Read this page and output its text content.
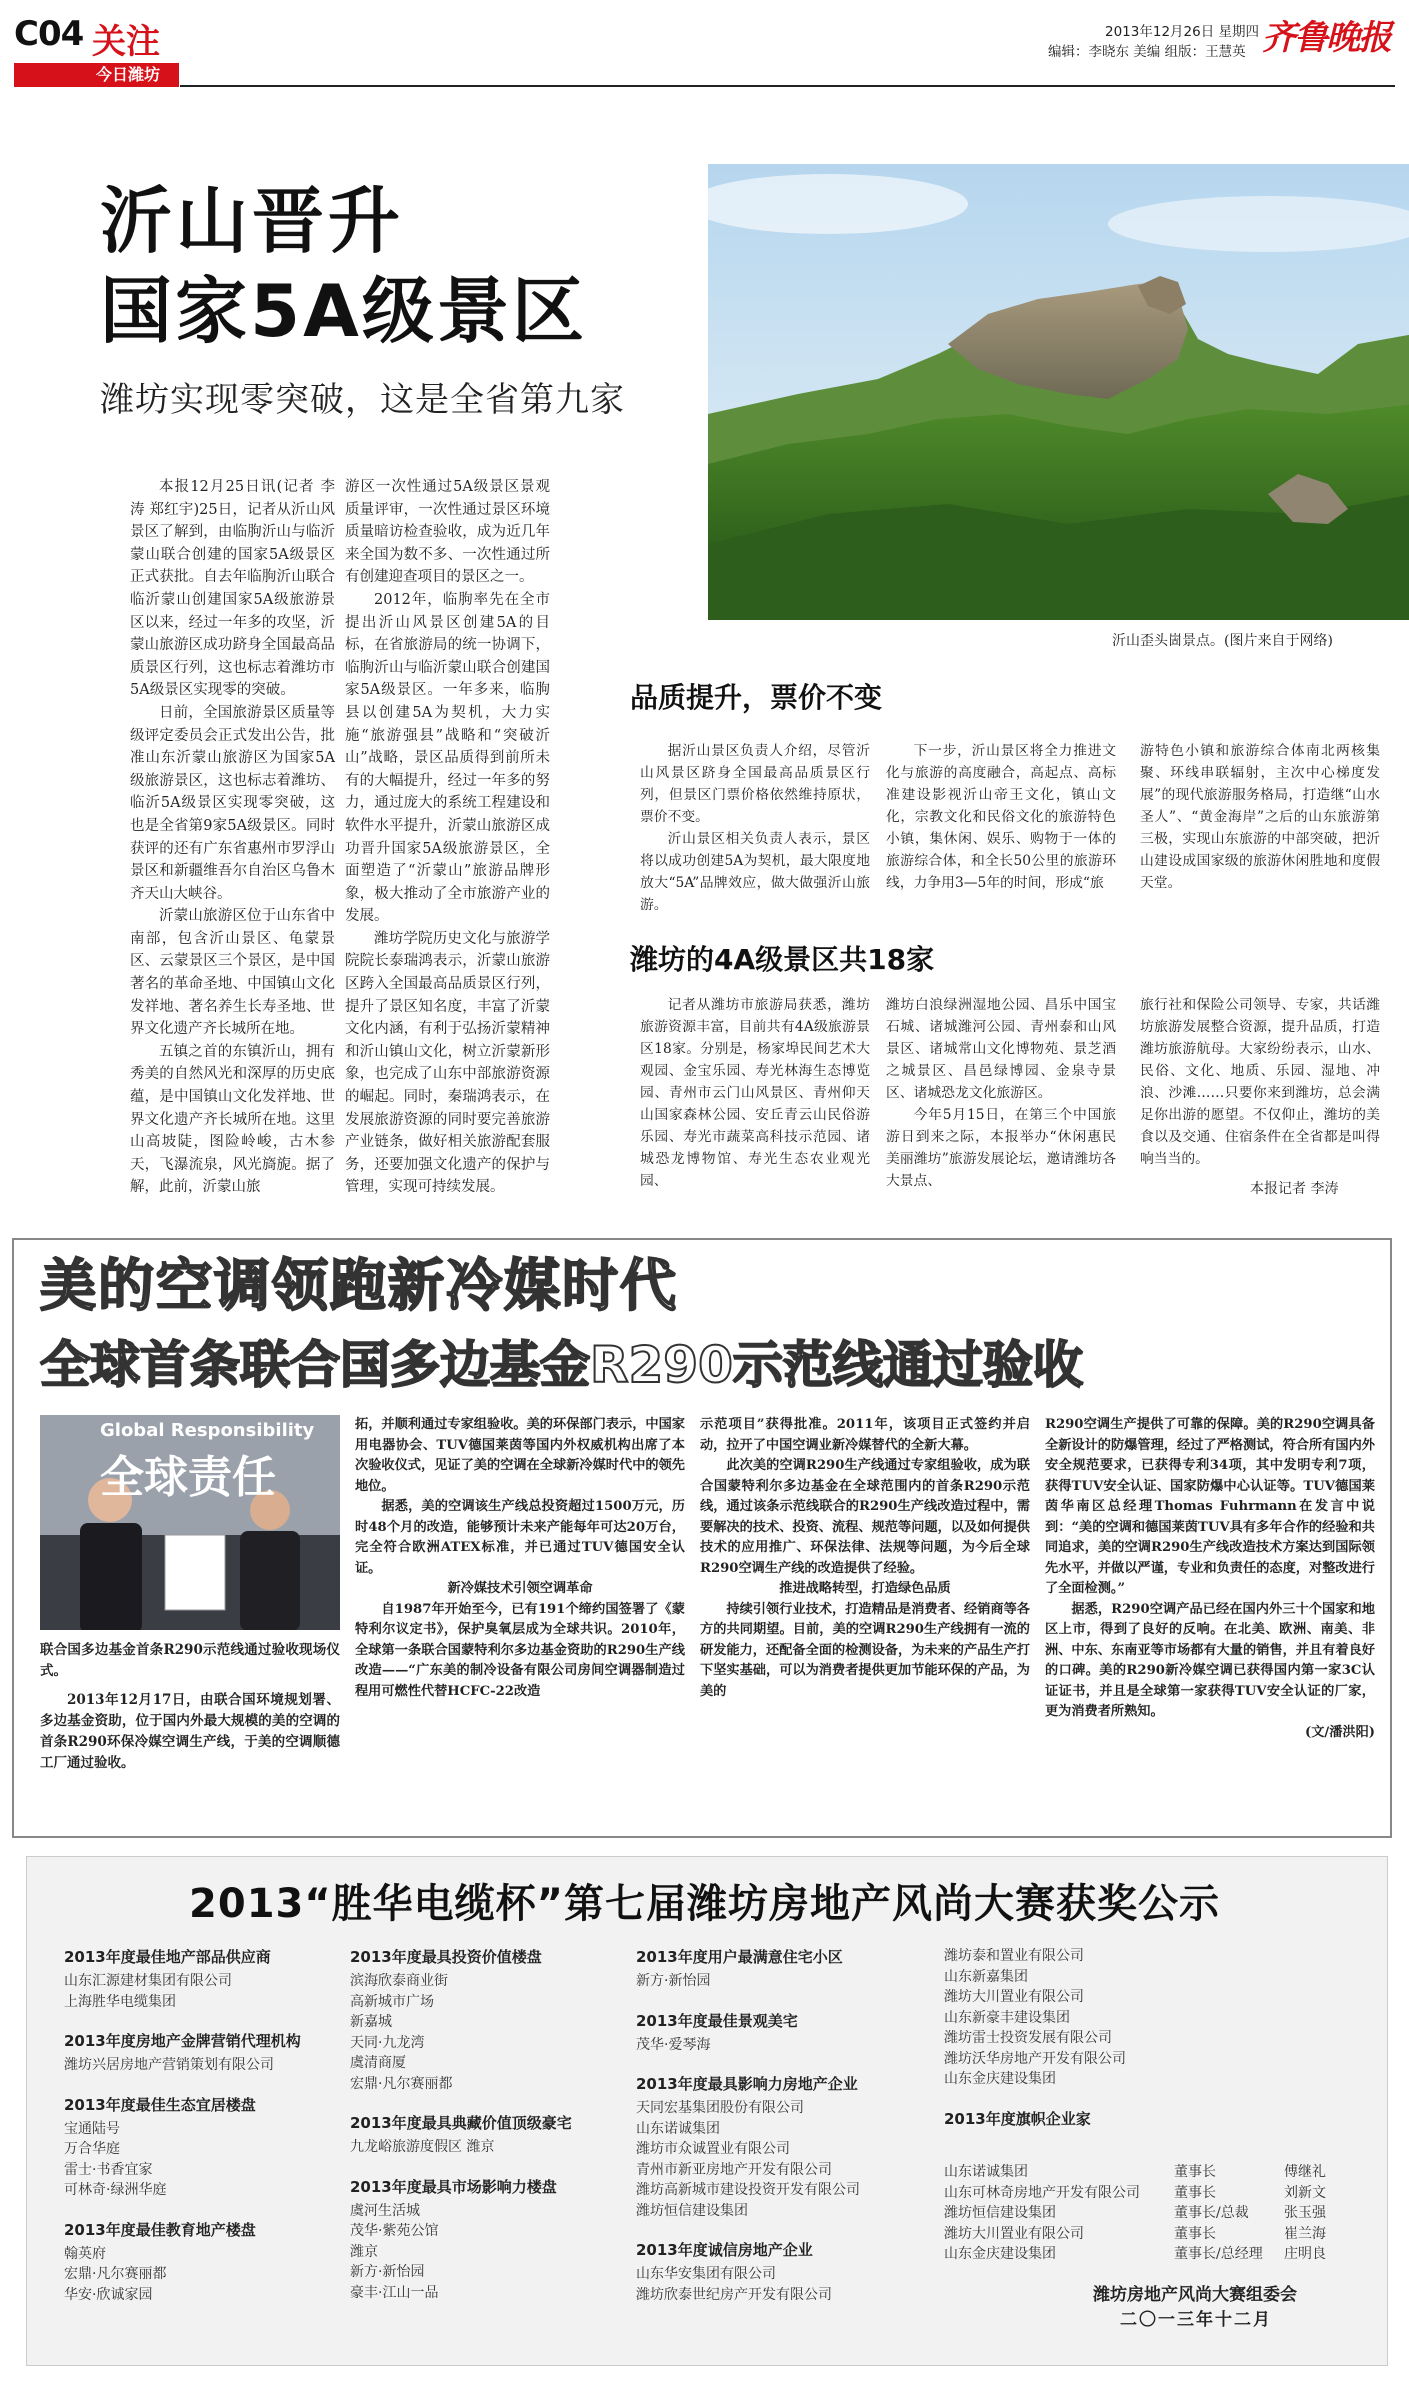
C04 关注
今日潍坊
2013年12月26日 星期四
编辑：李晓东 美编 组版：王慧英 齐鲁晚报
沂山晋升
国家5A级景区
潍坊实现零突破，这是全省第九家
沂山歪头崮景点。(图片来自于网络)

本报12月25日讯(记者 李涛 郑红宇)25日，记者从沂山风景区了解到，由临朐沂山与临沂蒙山联合创建的国家5A级景区正式获批。自去年临朐沂山联合临沂蒙山创建国家5A级旅游景区以来，经过一年多的攻坚，沂蒙山旅游区成功跻身全国最高品质景区行列，这也标志着潍坊市5A级景区实现零的突破。

日前，全国旅游景区质量等级评定委员会正式发出公告，批准山东沂蒙山旅游区为国家5A级旅游景区，这也标志着潍坊、临沂5A级景区实现零突破，这也是全省第9家5A级景区。同时获评的还有广东省惠州市罗浮山景区和新疆维吾尔自治区乌鲁木齐天山大峡谷。

沂蒙山旅游区位于山东省中南部，包含沂山景区、龟蒙景区、云蒙景区三个景区，是中国著名的革命圣地、中国镇山文化发祥地、著名养生长寿圣地、世界文化遗产齐长城所在地。

五镇之首的东镇沂山，拥有秀美的自然风光和深厚的历史底蕴，是中国镇山文化发祥地、世界文化遗产齐长城所在地。这里山高坡陡，图险岭峻，古木参天，飞瀑流泉，风光旖旎。据了解，此前，沂蒙山旅

游区一次性通过5A级景区景观质量评审，一次性通过景区环境质量暗访检查验收，成为近几年来全国为数不多、一次性通过所有创建迎查项目的景区之一。

2012年，临朐率先在全市提出沂山风景区创建5A的目标，在省旅游局的统一协调下，临朐沂山与临沂蒙山联合创建国家5A级景区。一年多来，临朐县以创建5A为契机，大力实施“旅游强县”战略和“突破沂山”战略，景区品质得到前所未有的大幅提升，经过一年多的努力，通过庞大的系统工程建设和软件水平提升，沂蒙山旅游区成功晋升国家5A级旅游景区，全面塑造了“沂蒙山”旅游品牌形象，极大推动了全市旅游产业的发展。

潍坊学院历史文化与旅游学院院长泰瑞鸿表示，沂蒙山旅游区跨入全国最高品质景区行列，提升了景区知名度，丰富了沂蒙文化内涵，有利于弘扬沂蒙精神和沂山镇山文化，树立沂蒙新形象，也完成了山东中部旅游资源的崛起。同时，秦瑞鸿表示，在发展旅游资源的同时要完善旅游产业链条，做好相关旅游配套服务，还要加强文化遗产的保护与管理，实现可持续发展。

品质提升，票价不变

据沂山景区负责人介绍，尽管沂山风景区跻身全国最高品质景区行列，但景区门票价格依然维持原状，票价不变。

沂山景区相关负责人表示，景区将以成功创建5A为契机，最大限度地放大“5A”品牌效应，做大做强沂山旅游。

下一步，沂山景区将全力推进文化与旅游的高度融合，高起点、高标准建设影视沂山帝王文化，镇山文化，宗教文化和民俗文化的旅游特色小镇，集休闲、娱乐、购物于一体的旅游综合体，和全长50公里的旅游环线，力争用3—5年的时间，形成“旅

游特色小镇和旅游综合体南北两核集聚、环线串联辐射，主次中心梯度发展”的现代旅游服务格局，打造继“山水圣人”、“黄金海岸”之后的山东旅游第三极，实现山东旅游的中部突破，把沂山建设成国家级的旅游休闲胜地和度假天堂。

潍坊的4A级景区共18家

记者从潍坊市旅游局获悉，潍坊旅游资源丰富，目前共有4A级旅游景区18家。分别是，杨家埠民间艺术大观园、金宝乐园、寿光林海生态博览园、青州市云门山风景区、青州仰天山国家森林公园、安丘青云山民俗游乐园、寿光市蔬菜高科技示范园、诸城恐龙博物馆、寿光生态农业观光园、

潍坊白浪绿洲湿地公园、昌乐中国宝石城、诸城潍河公园、青州泰和山风景区、诸城常山文化博物苑、景芝酒之城景区、昌邑绿博园、金泉寺景区、诸城恐龙文化旅游区。

今年5月15日，在第三个中国旅游日到来之际，本报举办“休闲惠民 美丽潍坊”旅游发展论坛，邀请潍坊各大景点、

旅行社和保险公司领导、专家，共话潍坊旅游发展整合资源，提升品质，打造潍坊旅游航母。大家纷纷表示，山水、民俗、文化、地质、乐园、湿地、冲浪、沙滩……只要你来到潍坊，总会满足你出游的愿望。不仅仰止，潍坊的美食以及交通、住宿条件在全省都是叫得响当当的。

本报记者 李涛
美的空调领跑新冷媒时代
全球首条联合国多边基金R290示范线通过验收
Global Responsibility
全球责任
联合国多边基金首条R290示范线通过验收现场仪式。
2013年12月17日，由联合国环境规划署、多边基金资助，位于国内外最大规模的美的空调的首条R290环保冷媒空调生产线，于美的空调顺德工厂通过验收。

拓，并顺利通过专家组验收。美的环保部门表示，中国家用电器协会、TUV德国莱茵等国内外权威机构出席了本次验收仪式，见证了美的空调在全球新冷媒时代中的领先地位。

据悉，美的空调该生产线总投资超过1500万元，历时48个月的改造，能够预计未来产能每年可达20万台，完全符合欧洲ATEX标准，并已通过TUV德国安全认证。

新冷媒技术引领空调革命

自1987年开始至今，已有191个缔约国签署了《蒙特利尔议定书》，保护臭氧层成为全球共识。2010年，全球第一条联合国蒙特利尔多边基金资助的R290生产线改造——“广东美的制冷设备有限公司房间空调器制造过程用可燃性代替HCFC-22改造

示范项目”获得批准。2011年，该项目正式签约并启动，拉开了中国空调业新冷媒替代的全新大幕。

此次美的空调R290生产线通过专家组验收，成为联合国蒙特利尔多边基金在全球范围内的首条R290示范线，通过该条示范线联合的R290生产线改造过程中，需要解决的技术、投资、流程、规范等问题，以及如何提供技术的应用推广、环保法律、法规等问题，为今后全球R290空调生产线的改造提供了经验。

推进战略转型，打造绿色品质

持续引领行业技术，打造精品是消费者、经销商等各方的共同期望。目前，美的空调R290生产线拥有一流的研发能力，还配备全面的检测设备，为未来的产品生产打下坚实基础，可以为消费者提供更加节能环保的产品，为美的

R290空调生产提供了可靠的保障。美的R290空调具备全新设计的防爆管理，经过了严格测试，符合所有国内外安全规范要求，已获得专利34项，其中发明专利7项，获得TUV安全认证、国家防爆中心认证等。TUV德国莱茵华南区总经理Thomas Fuhrmann在发言中说到：“美的空调和德国莱茵TUV具有多年合作的经验和共同追求，美的空调R290生产线改造技术方案达到国际领先水平，并做以严谨，专业和负责任的态度，对整改进行了全面检测。”

据悉，R290空调产品已经在国内外三十个国家和地区上市，得到了良好的反响。在北美、欧洲、南美、非洲、中东、东南亚等市场都有大量的销售，并且有着良好的口碑。美的R290新冷媒空调已获得国内第一家3C认证证书，并且是全球第一家获得TUV安全认证的厂家，更为消费者所熟知。

(文/潘洪阳)

2013“胜华电缆杯”第七届潍坊房地产风尚大赛获奖公示
2013年度最佳地产部品供应商
山东汇源建材集团有限公司
上海胜华电缆集团
2013年度房地产金牌营销代理机构
潍坊兴居房地产营销策划有限公司
2013年度最佳生态宜居楼盘
宝通陆号
万合华庭
雷士·书香宜家
可林奇·绿洲华庭
2013年度最佳教育地产楼盘
翰英府
宏鼎·凡尔赛丽都
华安·欣诚家园
2013年度最具投资价值楼盘
滨海欣泰商业街
高新城市广场
新嘉城
天同·九龙湾
虞清商厦
宏鼎·凡尔赛丽都
2013年度最具典藏价值顶级豪宅
九龙峪旅游度假区 潍京
2013年度最具市场影响力楼盘
虞河生活城
茂华·紫苑公馆
潍京
新方·新怡园
豪丰·江山一品
2013年度用户最满意住宅小区
新方·新怡园
2013年度最佳景观美宅
茂华·爱琴海
2013年度最具影响力房地产企业
天同宏基集团股份有限公司
山东诺诚集团
潍坊市众诚置业有限公司
青州市新亚房地产开发有限公司
潍坊高新城市建设投资开发有限公司
潍坊恒信建设集团
2013年度诚信房地产企业
山东华安集团有限公司
潍坊欣泰世纪房产开发有限公司
潍坊泰和置业有限公司
山东新嘉集团
潍坊大川置业有限公司
山东新豪丰建设集团
潍坊雷士投资发展有限公司
潍坊沃华房地产开发有限公司
山东金庆建设集团
2013年度旗帜企业家
山东诺诚集团	董事长	傅继礼
山东可林奇房地产开发有限公司	董事长	刘新文
潍坊恒信建设集团	董事长/总裁	张玉强
潍坊大川置业有限公司	董事长	崔兰海
山东金庆建设集团	董事长/总经理	庄明良
潍坊房地产风尚大赛组委会
二〇一三年十二月
